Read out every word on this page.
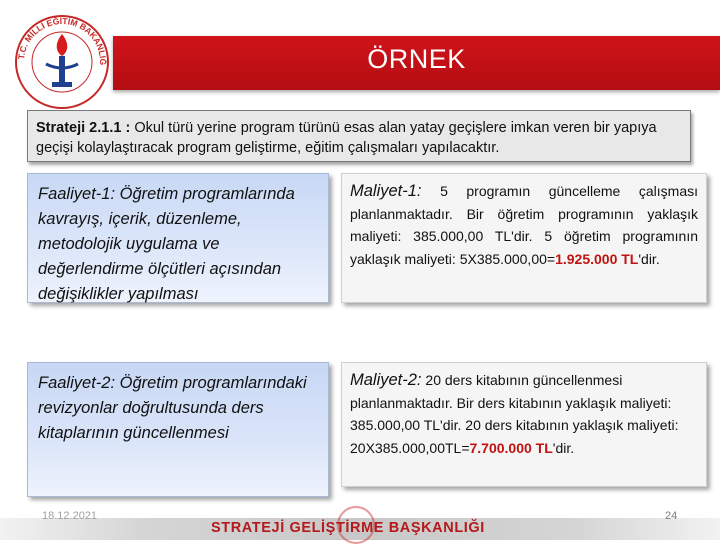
T.C. MİLLİ EĞİTİM BAKANLIĞ	ÖRNEK
Strateji 2.1.1 : Okul türü yerine program türünü esas alan yatay geçişlere imkan veren bir yapıya geçişi kolaylaştıracak program geliştirme, eğitim çalışmaları yapılacaktır.
Faaliyet-1: Öğretim programlarında kavrayış, içerik, düzenleme, metodolojik uygulama ve değerlendirme ölçütleri açısından değişiklikler yapılması
Maliyet-1: 5 programın güncelleme çalışması planlanmaktadır. Bir öğretim programının yaklaşık maliyeti: 385.000,00 TL'dir. 5 öğretim programının yaklaşık maliyeti: 5X385.000,00=1.925.000 TL'dir.
Faaliyet-2: Öğretim programlarındaki revizyonlar doğrultusunda ders kitaplarının güncellenmesi
Maliyet-2: 20 ders kitabının güncellenmesi planlanmaktadır. Bir ders kitabının yaklaşık maliyeti: 385.000,00 TL'dir. 20 ders kitabının yaklaşık maliyeti: 20X385.000,00TL=7.700.000 TL'dir.
18.12.2021
STRATEJİ GELİŞTİRME BAŞKANLIĞI
24
